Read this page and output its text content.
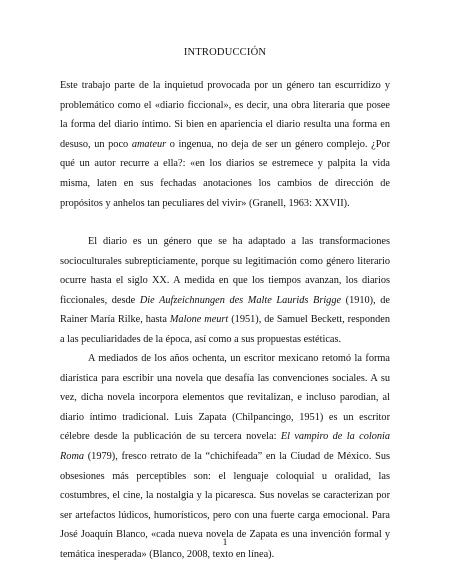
INTRODUCCIÓN
Este trabajo parte de la inquietud provocada por un género tan escurridizo y problemático como el «diario ficcional», es decir, una obra literaria que posee la forma del diario íntimo. Si bien en apariencia el diario resulta una forma en desuso, un poco amateur o ingenua, no deja de ser un género complejo. ¿Por qué un autor recurre a ella?: «en los diarios se estremece y palpita la vida misma, laten en sus fechadas anotaciones los cambios de dirección de propósitos y anhelos tan peculiares del vivir» (Granell, 1963: XXVII).
El diario es un género que se ha adaptado a las transformaciones socioculturales subrepticiamente, porque su legitimación como género literario ocurre hasta el siglo XX. A medida en que los tiempos avanzan, los diarios ficcionales, desde Die Aufzeichnungen des Malte Laurids Brigge (1910), de Rainer María Rilke, hasta Malone meurt (1951), de Samuel Beckett, responden a las peculiaridades de la época, así como a sus propuestas estéticas.
A mediados de los años ochenta, un escritor mexicano retomó la forma diarística para escribir una novela que desafía las convenciones sociales. A su vez, dicha novela incorpora elementos que revitalizan, e incluso parodian, al diario íntimo tradicional. Luis Zapata (Chilpancingo, 1951) es un escritor célebre desde la publicación de su tercera novela: El vampiro de la colonia Roma (1979), fresco retrato de la “chichifeada” en la Ciudad de México. Sus obsesiones más perceptibles son: el lenguaje coloquial u oralidad, las costumbres, el cine, la nostalgia y la picaresca. Sus novelas se caracterizan por ser artefactos lúdicos, humorísticos, pero con una fuerte carga emocional. Para José Joaquín Blanco, «cada nueva novela de Zapata es una invención formal y temática inesperada» (Blanco, 2008, texto en línea).
1
